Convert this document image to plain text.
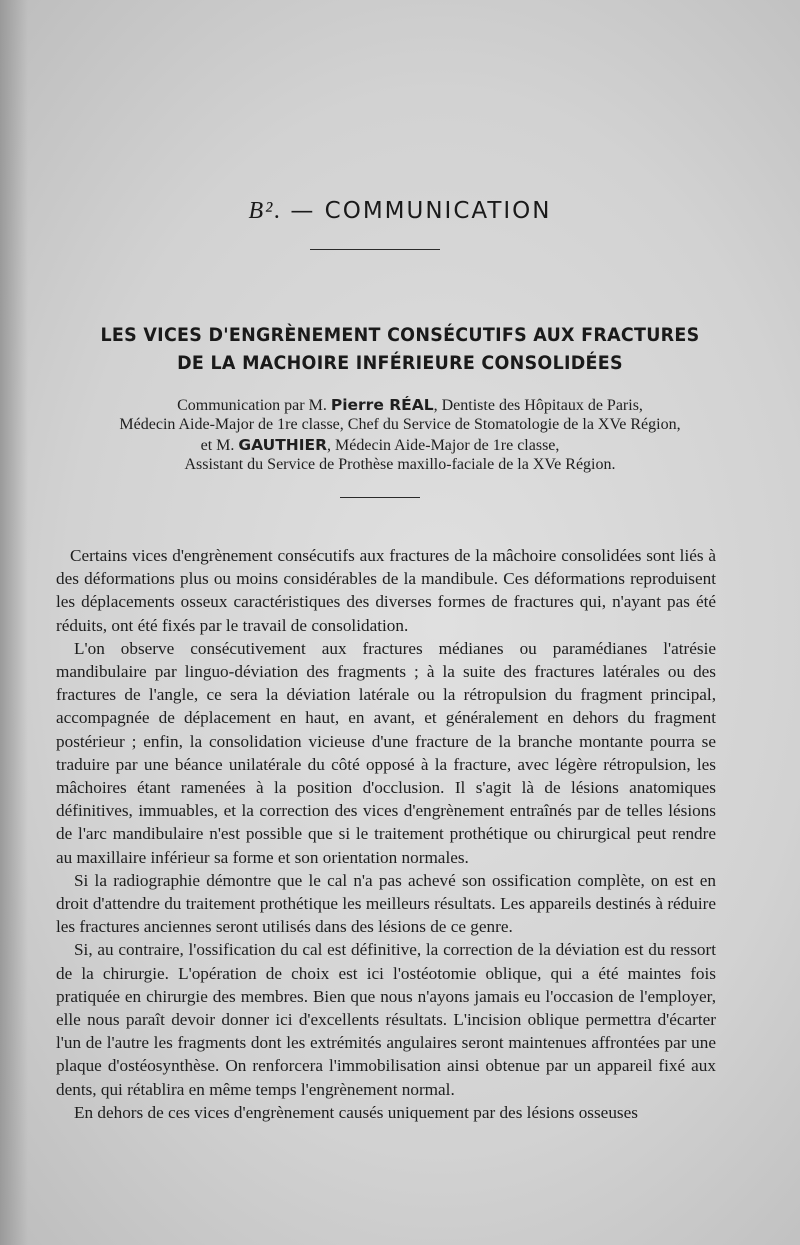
B². — COMMUNICATION
LES VICES D'ENGRÈNEMENT CONSÉCUTIFS AUX FRACTURES
DE LA MACHOIRE INFÉRIEURE CONSOLIDÉES
Communication par M. Pierre RÉAL, Dentiste des Hôpitaux de Paris,
Médecin Aide-Major de 1re classe, Chef du Service de Stomatologie de la XVe Région,
et M. GAUTHIER, Médecin Aide-Major de 1re classe,
Assistant du Service de Prothèse maxillo-faciale de la XVe Région.

Certains vices d'engrènement consécutifs aux fractures de la mâchoire consolidées sont liés à des déformations plus ou moins considérables de la mandibule. Ces déformations reproduisent les déplacements osseux caractéristiques des diverses formes de fractures qui, n'ayant pas été réduits, ont été fixés par le travail de consolidation.

L'on observe consécutivement aux fractures médianes ou paramédianes l'atrésie mandibulaire par linguo-déviation des fragments ; à la suite des fractures latérales ou des fractures de l'angle, ce sera la déviation latérale ou la rétropulsion du fragment principal, accompagnée de déplacement en haut, en avant, et généralement en dehors du fragment postérieur ; enfin, la consolidation vicieuse d'une fracture de la branche montante pourra se traduire par une béance unilatérale du côté opposé à la fracture, avec légère rétropulsion, les mâchoires étant ramenées à la position d'occlusion. Il s'agit là de lésions anatomiques définitives, immuables, et la correction des vices d'engrènement entraînés par de telles lésions de l'arc mandibulaire n'est possible que si le traitement prothétique ou chirurgical peut rendre au maxillaire inférieur sa forme et son orientation normales.

Si la radiographie démontre que le cal n'a pas achevé son ossification complète, on est en droit d'attendre du traitement prothétique les meilleurs résultats. Les appareils destinés à réduire les fractures anciennes seront utilisés dans des lésions de ce genre.

Si, au contraire, l'ossification du cal est définitive, la correction de la déviation est du ressort de la chirurgie. L'opération de choix est ici l'ostéotomie oblique, qui a été maintes fois pratiquée en chirurgie des membres. Bien que nous n'ayons jamais eu l'occasion de l'employer, elle nous paraît devoir donner ici d'excellents résultats. L'incision oblique permettra d'écarter l'un de l'autre les fragments dont les extrémités angulaires seront maintenues affrontées par une plaque d'ostéosynthèse. On renforcera l'immobilisation ainsi obtenue par un appareil fixé aux dents, qui rétablira en même temps l'engrènement normal.

En dehors de ces vices d'engrènement causés uniquement par des lésions osseuses
